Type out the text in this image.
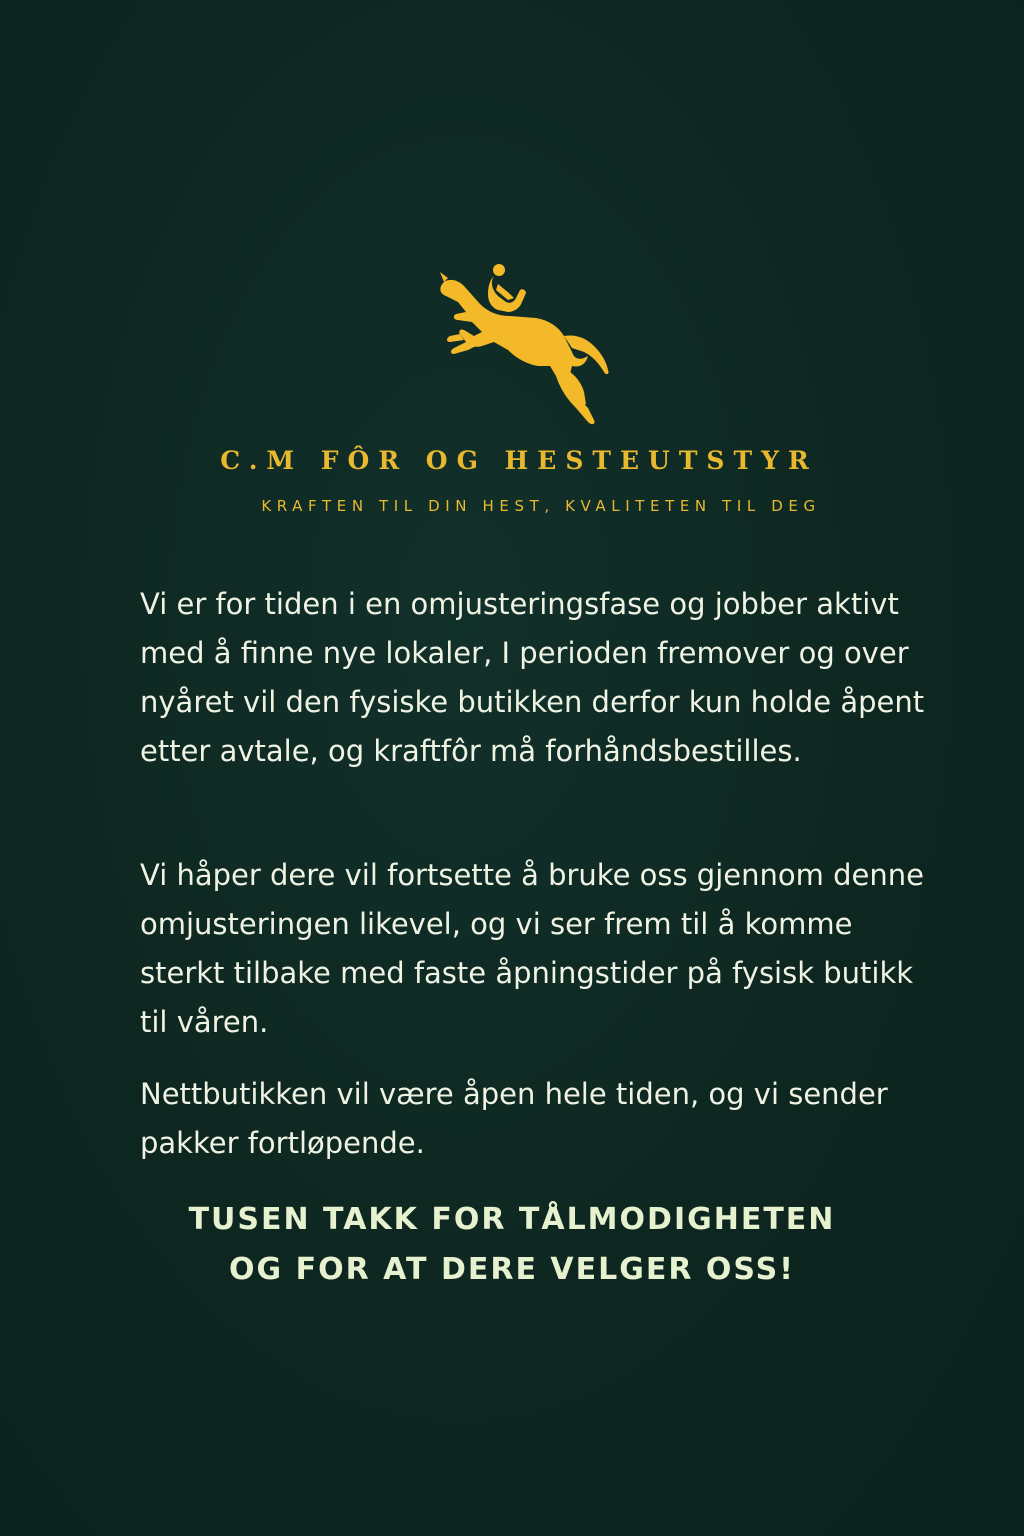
C.M FÔR OG HESTEUTSTYR
KRAFTEN TIL DIN HEST, KVALITETEN TIL DEG

Vi er for tiden i en omjusteringsfase og jobber aktivt med å finne nye lokaler, I perioden fremover og over nyåret vil den fysiske butikken derfor kun holde åpent etter avtale, og kraftfôr må forhåndsbestilles.

Vi håper dere vil fortsette å bruke oss gjennom denne omjusteringen likevel, og vi ser frem til å komme sterkt tilbake med faste åpningstider på fysisk butikk til våren.

Nettbutikken vil være åpen hele tiden, og vi sender pakker fortløpende.

TUSEN TAKK FOR TÅLMODIGHETEN
OG FOR AT DERE VELGER OSS!
